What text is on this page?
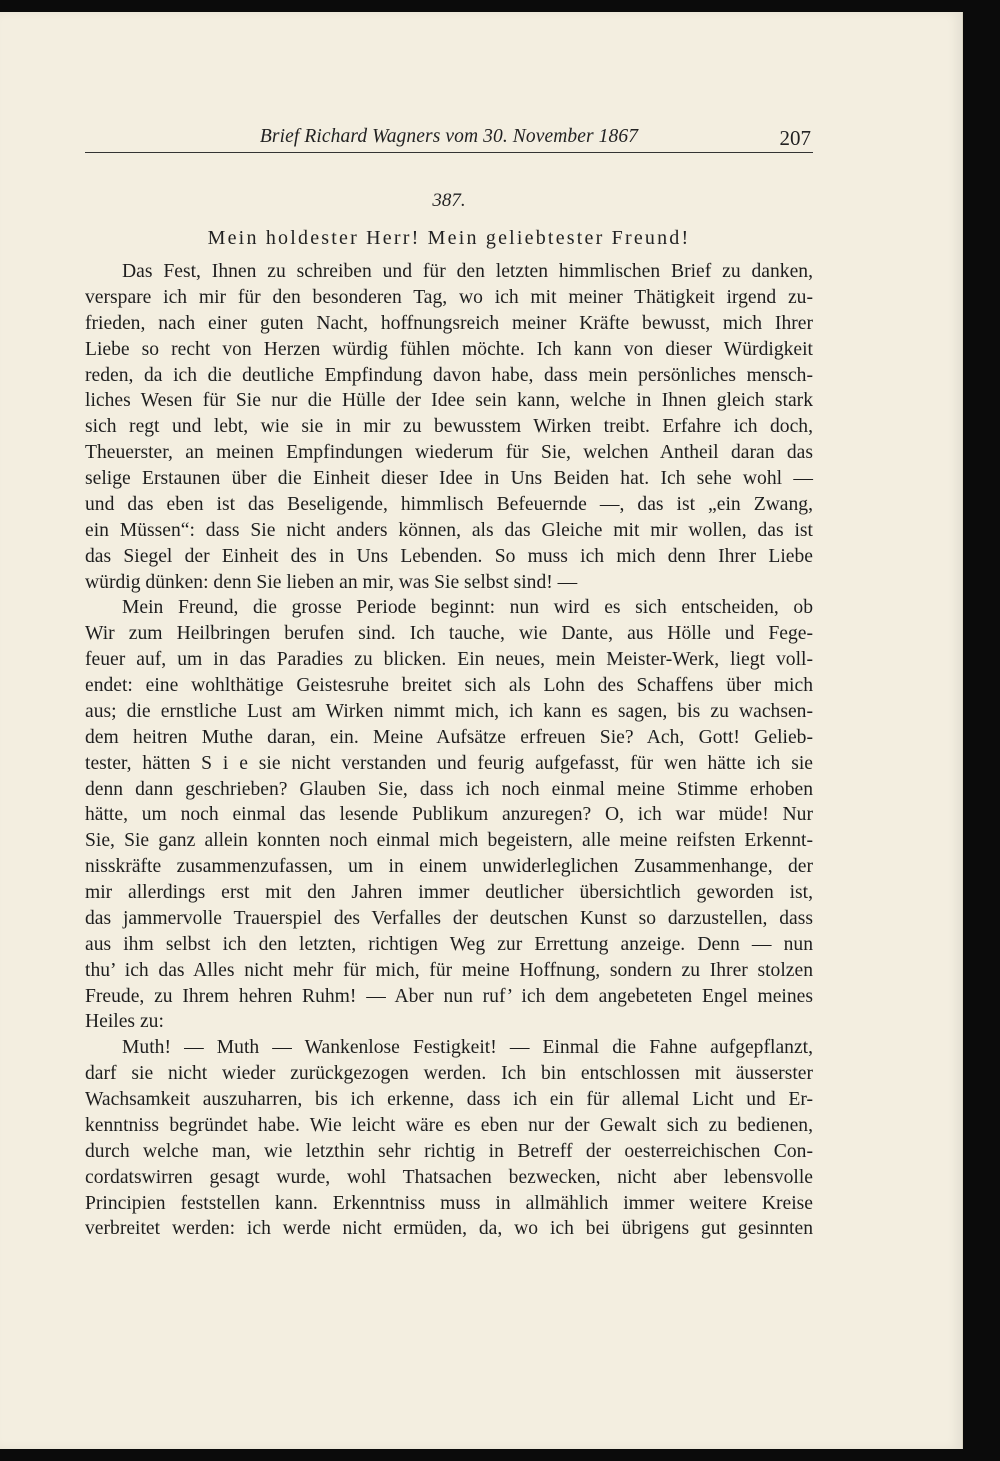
Brief Richard Wagners vom 30. November 1867	207
387.
Mein holdester Herr! Mein geliebtester Freund!
Das Fest, Ihnen zu schreiben und für den letzten himmlischen Brief zu danken,
verspare ich mir für den besonderen Tag, wo ich mit meiner Thätigkeit irgend zu-
frieden, nach einer guten Nacht, hoffnungsreich meiner Kräfte bewusst, mich Ihrer
Liebe so recht von Herzen würdig fühlen möchte. Ich kann von dieser Würdigkeit
reden, da ich die deutliche Empfindung davon habe, dass mein persönliches mensch-
liches Wesen für Sie nur die Hülle der Idee sein kann, welche in Ihnen gleich stark
sich regt und lebt, wie sie in mir zu bewusstem Wirken treibt. Erfahre ich doch,
Theuerster, an meinen Empfindungen wiederum für Sie, welchen Antheil daran das
selige Erstaunen über die Einheit dieser Idee in Uns Beiden hat. Ich sehe wohl —
und das eben ist das Beseligende, himmlisch Befeuernde —, das ist „ein Zwang,
ein Müssen“: dass Sie nicht anders können, als das Gleiche mit mir wollen, das ist
das Siegel der Einheit des in Uns Lebenden. So muss ich mich denn Ihrer Liebe
würdig dünken: denn Sie lieben an mir, was Sie selbst sind! —
Mein Freund, die grosse Periode beginnt: nun wird es sich entscheiden, ob
Wir zum Heilbringen berufen sind. Ich tauche, wie Dante, aus Hölle und Fege-
feuer auf, um in das Paradies zu blicken. Ein neues, mein Meister-Werk, liegt voll-
endet: eine wohlthätige Geistesruhe breitet sich als Lohn des Schaffens über mich
aus; die ernstliche Lust am Wirken nimmt mich, ich kann es sagen, bis zu wachsen-
dem heitren Muthe daran, ein. Meine Aufsätze erfreuen Sie? Ach, Gott! Gelieb-
tester, hätten S i e sie nicht verstanden und feurig aufgefasst, für wen hätte ich sie
denn dann geschrieben? Glauben Sie, dass ich noch einmal meine Stimme erhoben
hätte, um noch einmal das lesende Publikum anzuregen? O, ich war müde! Nur
Sie, Sie ganz allein konnten noch einmal mich begeistern, alle meine reifsten Erkennt-
nisskräfte zusammenzufassen, um in einem unwiderleglichen Zusammenhange, der
mir allerdings erst mit den Jahren immer deutlicher übersichtlich geworden ist,
das jammervolle Trauerspiel des Verfalles der deutschen Kunst so darzustellen, dass
aus ihm selbst ich den letzten, richtigen Weg zur Errettung anzeige. Denn — nun
thu’ ich das Alles nicht mehr für mich, für meine Hoffnung, sondern zu Ihrer stolzen
Freude, zu Ihrem hehren Ruhm! — Aber nun ruf’ ich dem angebeteten Engel meines
Heiles zu:
Muth! — Muth — Wankenlose Festigkeit! — Einmal die Fahne aufgepflanzt,
darf sie nicht wieder zurückgezogen werden. Ich bin entschlossen mit äusserster
Wachsamkeit auszuharren, bis ich erkenne, dass ich ein für allemal Licht und Er-
kenntniss begründet habe. Wie leicht wäre es eben nur der Gewalt sich zu bedienen,
durch welche man, wie letzthin sehr richtig in Betreff der oesterreichischen Con-
cordatswirren gesagt wurde, wohl Thatsachen bezwecken, nicht aber lebensvolle
Principien feststellen kann. Erkenntniss muss in allmählich immer weitere Kreise
verbreitet werden: ich werde nicht ermüden, da, wo ich bei übrigens gut gesinnten
